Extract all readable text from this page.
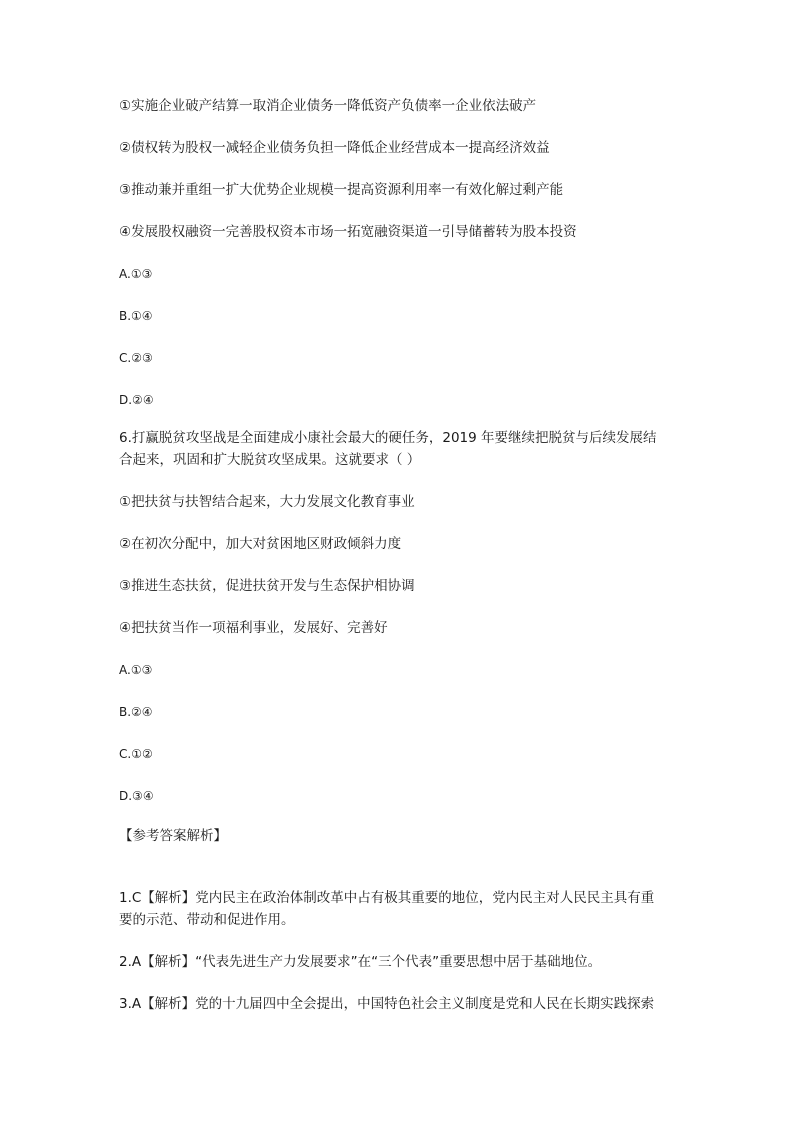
①实施企业破产结算一取消企业债务一降低资产负债率一企业依法破产
②债权转为股权一减轻企业债务负担一降低企业经营成本一提高经济效益
③推动兼并重组一扩大优势企业规模一提高资源利用率一有效化解过剩产能
④发展股权融资一完善股权资本市场一拓宽融资渠道一引导储蓄转为股本投资
A.①③
B.①④
C.②③
D.②④
6.打赢脱贫攻坚战是全面建成小康社会最大的硬任务，2019 年要继续把脱贫与后续发展结
合起来，巩固和扩大脱贫攻坚成果。这就要求（ ）
①把扶贫与扶智结合起来，大力发展文化教育事业
②在初次分配中，加大对贫困地区财政倾斜力度
③推进生态扶贫，促进扶贫开发与生态保护相协调
④把扶贫当作一项福利事业，发展好、完善好
A.①③
B.②④
C.①②
D.③④
【参考答案解析】
1.C【解析】党内民主在政治体制改革中占有极其重要的地位，党内民主对人民民主具有重
要的示范、带动和促进作用。
2.A【解析】“代表先进生产力发展要求”在“三个代表”重要思想中居于基础地位。
3.A【解析】党的十九届四中全会提出，中国特色社会主义制度是党和人民在长期实践探索
